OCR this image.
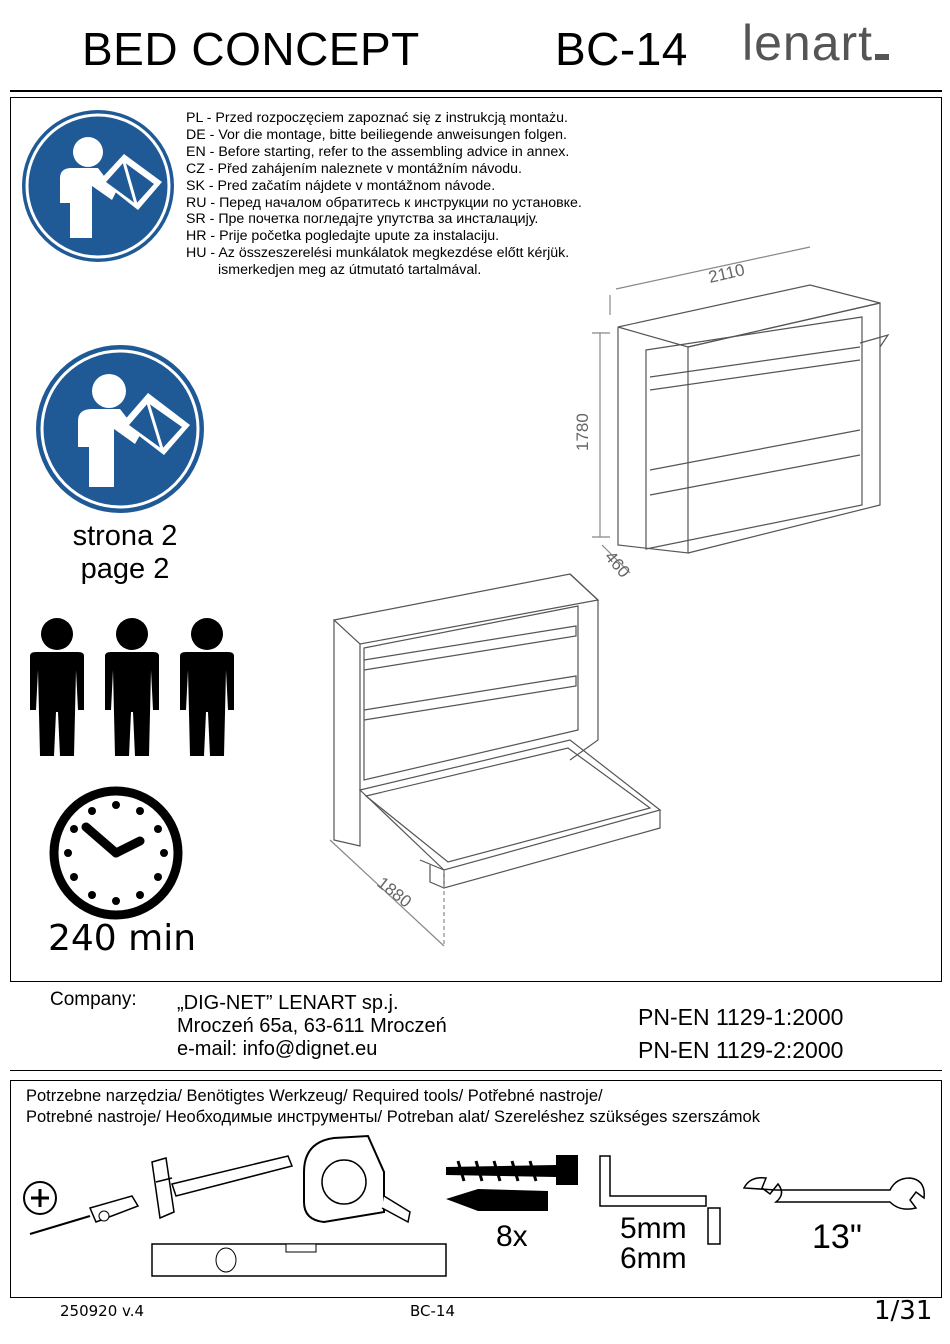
BED CONCEPT	BC-14 lenart
PL - Przed rozpoczęciem zapoznać się z instrukcją montażu.
DE - Vor die montage, bitte beiliegende anweisungen folgen.
EN - Before starting, refer to the assembling advice in annex.
CZ - Před zahájením naleznete v montážním návodu.
SK - Pred začatím nájdete v montážnom návode.
RU - Перед началом обратитесь к инструкции по установке.
SR - Пре почетка погледајте упутства за инсталацију.
HR - Prije početka pogledajte upute za instalaciju.
HU - Az összeszerelési munkálatok megkezdése előtt kérjük.
ismerkedjen meg az útmutató tartalmával.	2110
1780
460
strona 2
page 2
240 min
1880
Company: „DIG-NET” LENART sp.j.
Mroczeń 65a, 63-611 Mroczeń
e-mail: info@dignet.eu
PN-EN 1129-1:2000
PN-EN 1129-2:2000
Potrzebne narzędzia/ Benötigtes Werkzeug/ Required tools/ Potřebné nastroje/
Potrebné nastroje/ Необходимые инструменты/ Potreban alat/ Szereléshez szükséges szerszámok
8x	5mm
6mm
13"
250920 v.4	BC-14	1/31
